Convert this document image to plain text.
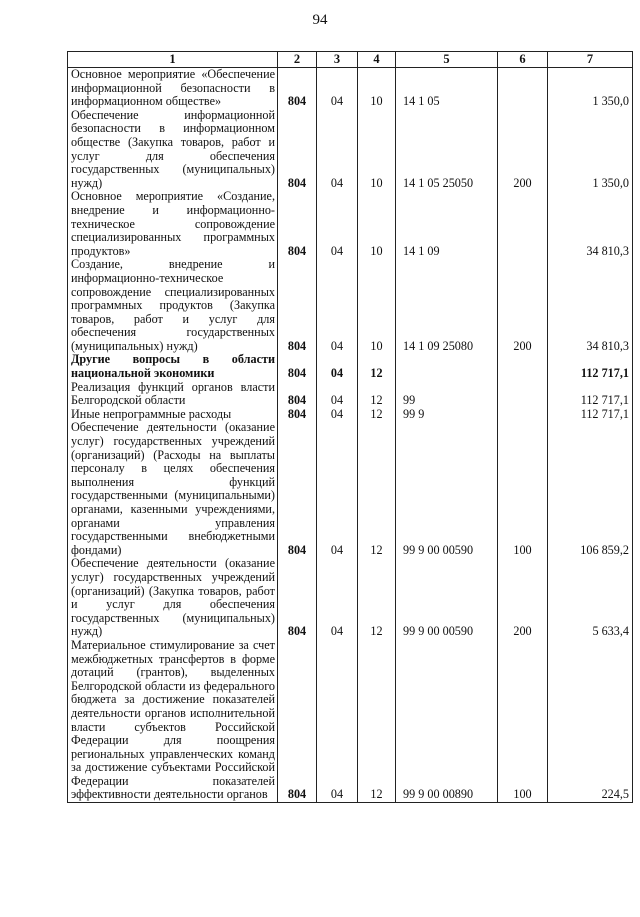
94
1	2	3	4	5	6	7
Основное мероприятие «Обеспечение информационной безопасности в информационном обществе»	804	04	10	14 1 05		1 350,0
Обеспечение информационной безопасности в информационном обществе (Закупка товаров, работ и услуг для обеспечения государственных (муниципальных) нужд)	804	04	10	14 1 05 25050	200	1 350,0
Основное мероприятие «Создание, внедрение и информационно-техническое сопровождение специализированных программных продуктов»	804	04	10	14 1 09		34 810,3
Создание, внедрение и информационно-техническое сопровождение специализированных программных продуктов (Закупка товаров, работ и услуг для обеспечения государственных (муниципальных) нужд)	804	04	10	14 1 09 25080	200	34 810,3
Другие вопросы в области национальной экономики	804	04	12			112 717,1
Реализация функций органов власти Белгородской области	804	04	12	99		112 717,1
Иные непрограммные расходы	804	04	12	99 9		112 717,1
Обеспечение деятельности (оказание услуг) государственных учреждений (организаций) (Расходы на выплаты персоналу в целях обеспечения выполнения функций государственными (муниципальными) органами, казенными учреждениями, органами управления государственными внебюджетными фондами)	804	04	12	99 9 00 00590	100	106 859,2
Обеспечение деятельности (оказание услуг) государственных учреждений (организаций) (Закупка товаров, работ и услуг для обеспечения государственных (муниципальных) нужд)	804	04	12	99 9 00 00590	200	5 633,4
Материальное стимулирование за счет межбюджетных трансфертов в форме дотаций (грантов), выделенных Белгородской области из федерального бюджета за достижение показателей деятельности органов исполнительной власти субъектов Российской Федерации для поощрения региональных управленческих команд за достижение субъектами Российской Федерации показателей эффективности деятельности органов	804	04	12	99 9 00 00890	100	224,5
